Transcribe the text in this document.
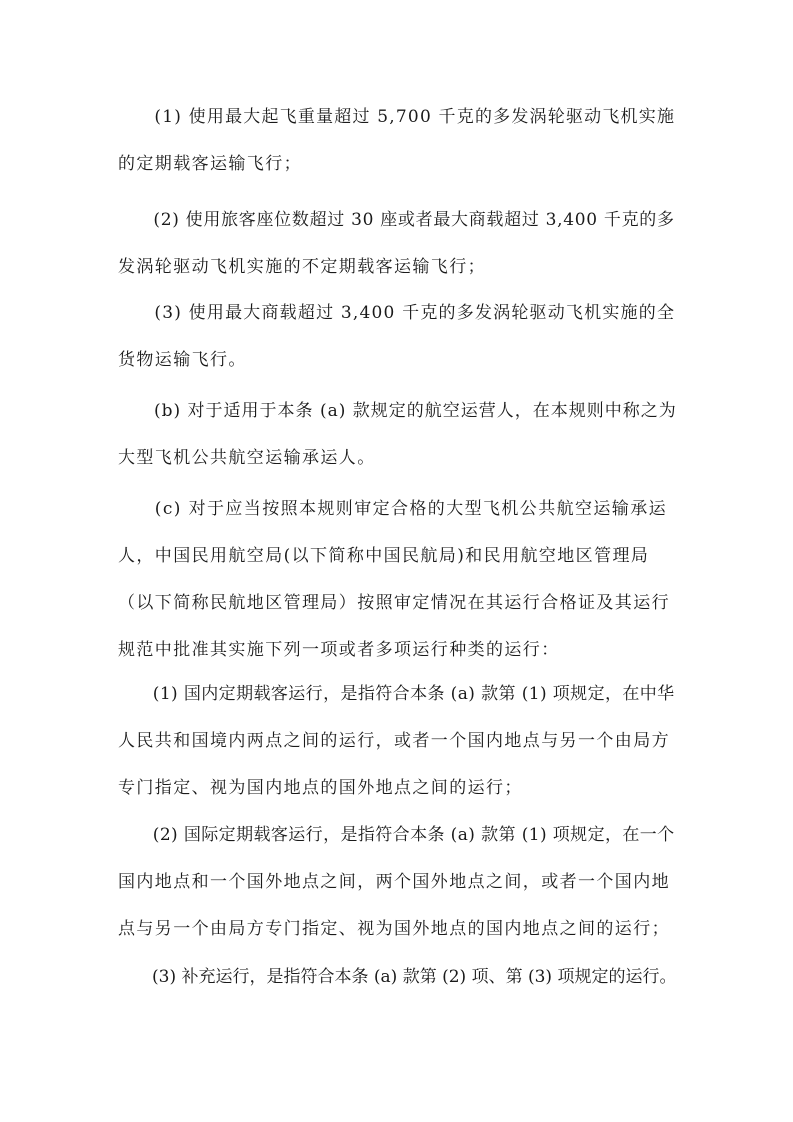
　　(1) 使用最大起飞重量超过 5,700 千克的多发涡轮驱动飞机实施
的定期载客运输飞行；
　　(2) 使用旅客座位数超过 30 座或者最大商载超过 3,400 千克的多
发涡轮驱动飞机实施的不定期载客运输飞行；
　　(3) 使用最大商载超过 3,400 千克的多发涡轮驱动飞机实施的全
货物运输飞行。
　　(b) 对于适用于本条 (a) 款规定的航空运营人，在本规则中称之为
大型飞机公共航空运输承运人。
　　(c) 对于应当按照本规则审定合格的大型飞机公共航空运输承运
人，中国民用航空局(以下简称中国民航局)和民用航空地区管理局
（以下简称民航地区管理局）按照审定情况在其运行合格证及其运行
规范中批准其实施下列一项或者多项运行种类的运行：
　　(1) 国内定期载客运行，是指符合本条 (a) 款第 (1) 项规定，在中华
人民共和国境内两点之间的运行，或者一个国内地点与另一个由局方
专门指定、视为国内地点的国外地点之间的运行；
　　(2) 国际定期载客运行，是指符合本条 (a) 款第 (1) 项规定，在一个
国内地点和一个国外地点之间，两个国外地点之间，或者一个国内地
点与另一个由局方专门指定、视为国外地点的国内地点之间的运行；
　　(3) 补充运行，是指符合本条 (a) 款第 (2) 项、第 (3) 项规定的运行。
